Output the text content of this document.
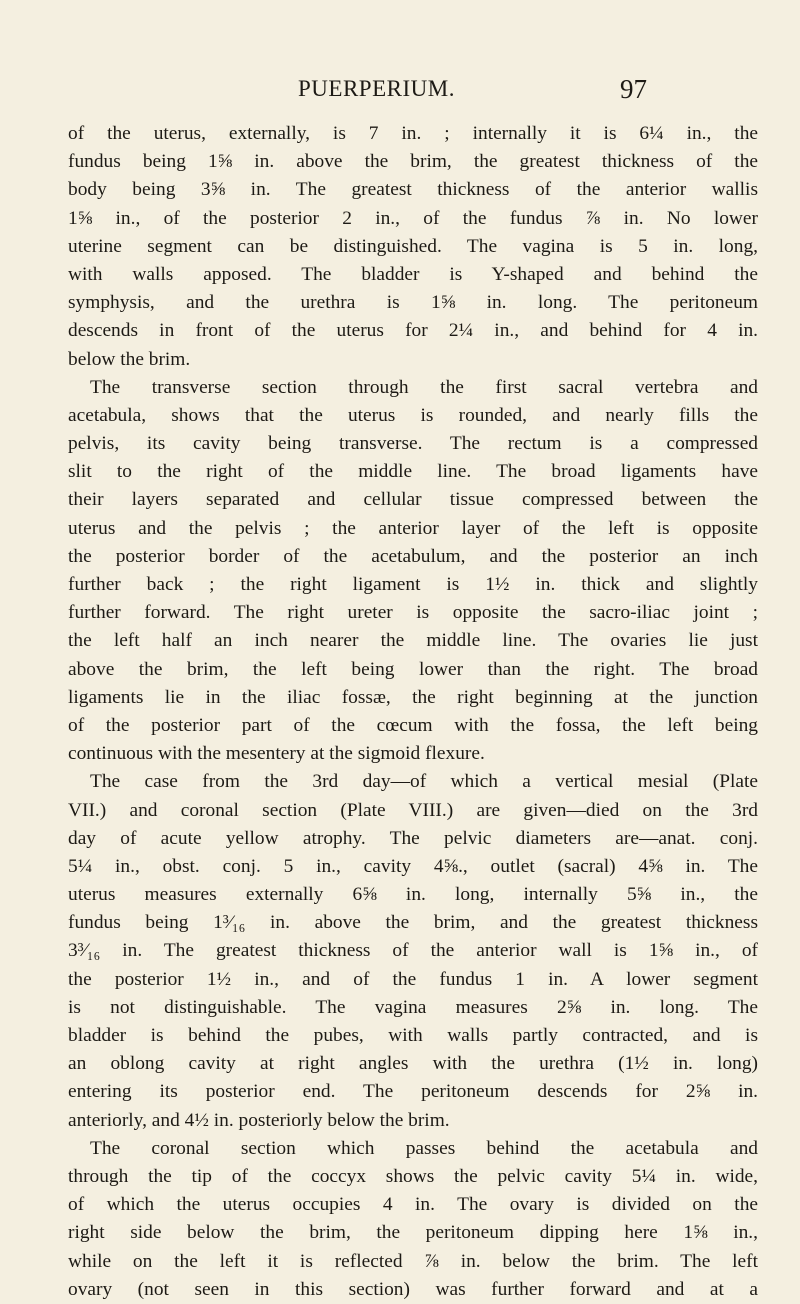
PUERPERIUM.	97
of the uterus, externally, is 7 in. ; internally it is 6¼ in., the
fundus being 1⅝ in. above the brim, the greatest thickness of the
body being 3⅝ in. The greatest thickness of the anterior wallis
1⅝ in., of the posterior 2 in., of the fundus ⅞ in. No lower
uterine segment can be distinguished. The vagina is 5 in. long,
with walls apposed. The bladder is Y-shaped and behind the
symphysis, and the urethra is 1⅝ in. long. The peritoneum
descends in front of the uterus for 2¼ in., and behind for 4 in.
below the brim.
The transverse section through the first sacral vertebra and
acetabula, shows that the uterus is rounded, and nearly fills the
pelvis, its cavity being transverse. The rectum is a compressed
slit to the right of the middle line. The broad ligaments have
their layers separated and cellular tissue compressed between the
uterus and the pelvis ; the anterior layer of the left is opposite
the posterior border of the acetabulum, and the posterior an inch
further back ; the right ligament is 1½ in. thick and slightly
further forward. The right ureter is opposite the sacro-iliac joint ;
the left half an inch nearer the middle line. The ovaries lie just
above the brim, the left being lower than the right. The broad
ligaments lie in the iliac fossæ, the right beginning at the junction
of the posterior part of the cœcum with the fossa, the left being
continuous with the mesentery at the sigmoid flexure.
The case from the 3rd day—of which a vertical mesial (Plate
VII.) and coronal section (Plate VIII.) are given—died on the 3rd
day of acute yellow atrophy. The pelvic diameters are—anat. conj.
5¼ in., obst. conj. 5 in., cavity 4⅝., outlet (sacral) 4⅝ in. The
uterus measures externally 6⅝ in. long, internally 5⅝ in., the
fundus being 1³⁄₁₆ in. above the brim, and the greatest thickness
3³⁄₁₆ in. The greatest thickness of the anterior wall is 1⅝ in., of
the posterior 1½ in., and of the fundus 1 in. A lower segment
is not distinguishable. The vagina measures 2⅝ in. long. The
bladder is behind the pubes, with walls partly contracted, and is
an oblong cavity at right angles with the urethra (1½ in. long)
entering its posterior end. The peritoneum descends for 2⅝ in.
anteriorly, and 4½ in. posteriorly below the brim.
The coronal section which passes behind the acetabula and
through the tip of the coccyx shows the pelvic cavity 5¼ in. wide,
of which the uterus occupies 4 in. The ovary is divided on the
right side below the brim, the peritoneum dipping here 1⅝ in.,
while on the left it is reflected ⅞ in. below the brim. The left
ovary (not seen in this section) was further forward and at a
